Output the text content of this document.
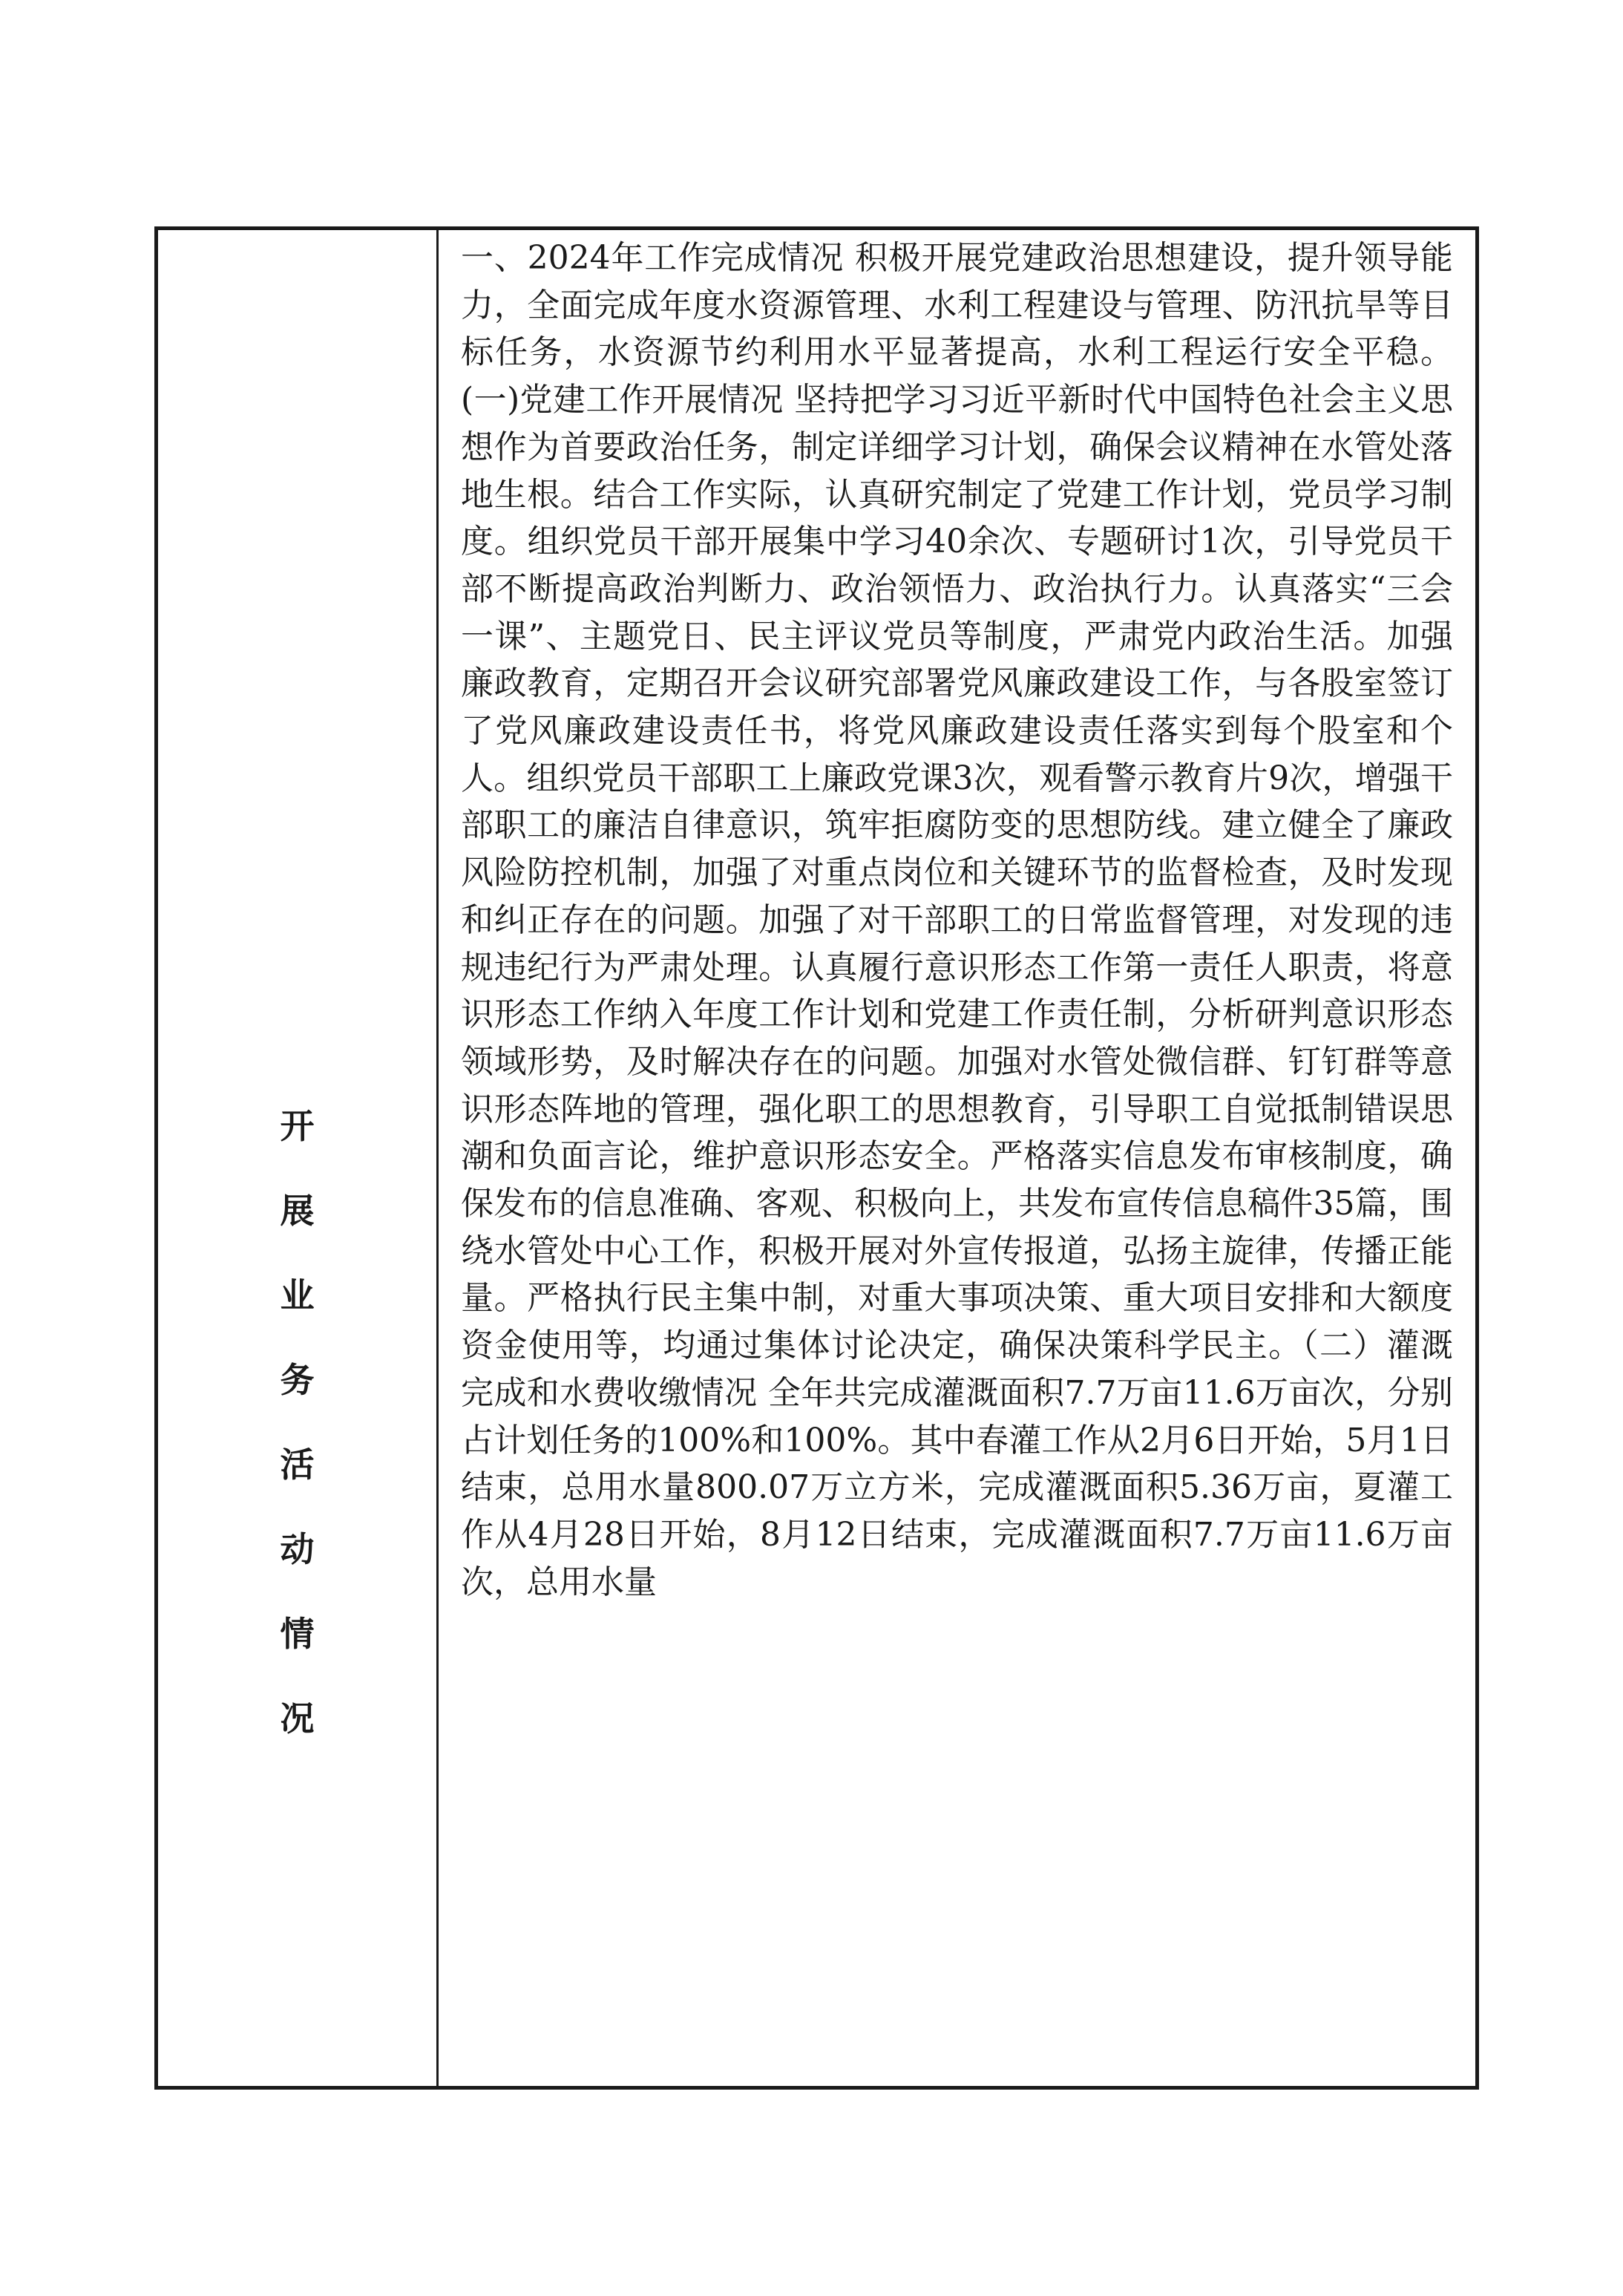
开
展
业
务
活
动
情
况

一、2024年工作完成情况 积极开展党建政治思想建设，提升领导能力，全面完成年度水资源管理、水利工程建设与管理、防汛抗旱等目标任务，水资源节约利用水平显著提高，水利工程运行安全平稳。(一)党建工作开展情况 坚持把学习习近平新时代中国特色社会主义思想作为首要政治任务，制定详细学习计划，确保会议精神在水管处落地生根。结合工作实际，认真研究制定了党建工作计划，党员学习制度。组织党员干部开展集中学习40余次、专题研讨1次，引导党员干部不断提高政治判断力、政治领悟力、政治执行力。认真落实“三会一课”、主题党日、民主评议党员等制度，严肃党内政治生活。加强廉政教育，定期召开会议研究部署党风廉政建设工作，与各股室签订了党风廉政建设责任书，将党风廉政建设责任落实到每个股室和个人。组织党员干部职工上廉政党课3次，观看警示教育片9次，增强干部职工的廉洁自律意识，筑牢拒腐防变的思想防线。建立健全了廉政风险防控机制，加强了对重点岗位和关键环节的监督检查，及时发现和纠正存在的问题。加强了对干部职工的日常监督管理，对发现的违规违纪行为严肃处理。认真履行意识形态工作第一责任人职责，将意识形态工作纳入年度工作计划和党建工作责任制，分析研判意识形态领域形势，及时解决存在的问题。加强对水管处微信群、钉钉群等意识形态阵地的管理，强化职工的思想教育，引导职工自觉抵制错误思潮和负面言论，维护意识形态安全。严格落实信息发布审核制度，确保发布的信息准确、客观、积极向上，共发布宣传信息稿件35篇，围绕水管处中心工作，积极开展对外宣传报道，弘扬主旋律，传播正能量。严格执行民主集中制，对重大事项决策、重大项目安排和大额度资金使用等，均通过集体讨论决定，确保决策科学民主。（二）灌溉完成和水费收缴情况 全年共完成灌溉面积7.7万亩11.6万亩次，分别占计划任务的100%和100%。其中春灌工作从2月6日开始，5月1日结束，总用水量800.07万立方米，完成灌溉面积5.36万亩，夏灌工作从4月28日开始，8月12日结束，完成灌溉面积7.7万亩11.6万亩次，总用水量
